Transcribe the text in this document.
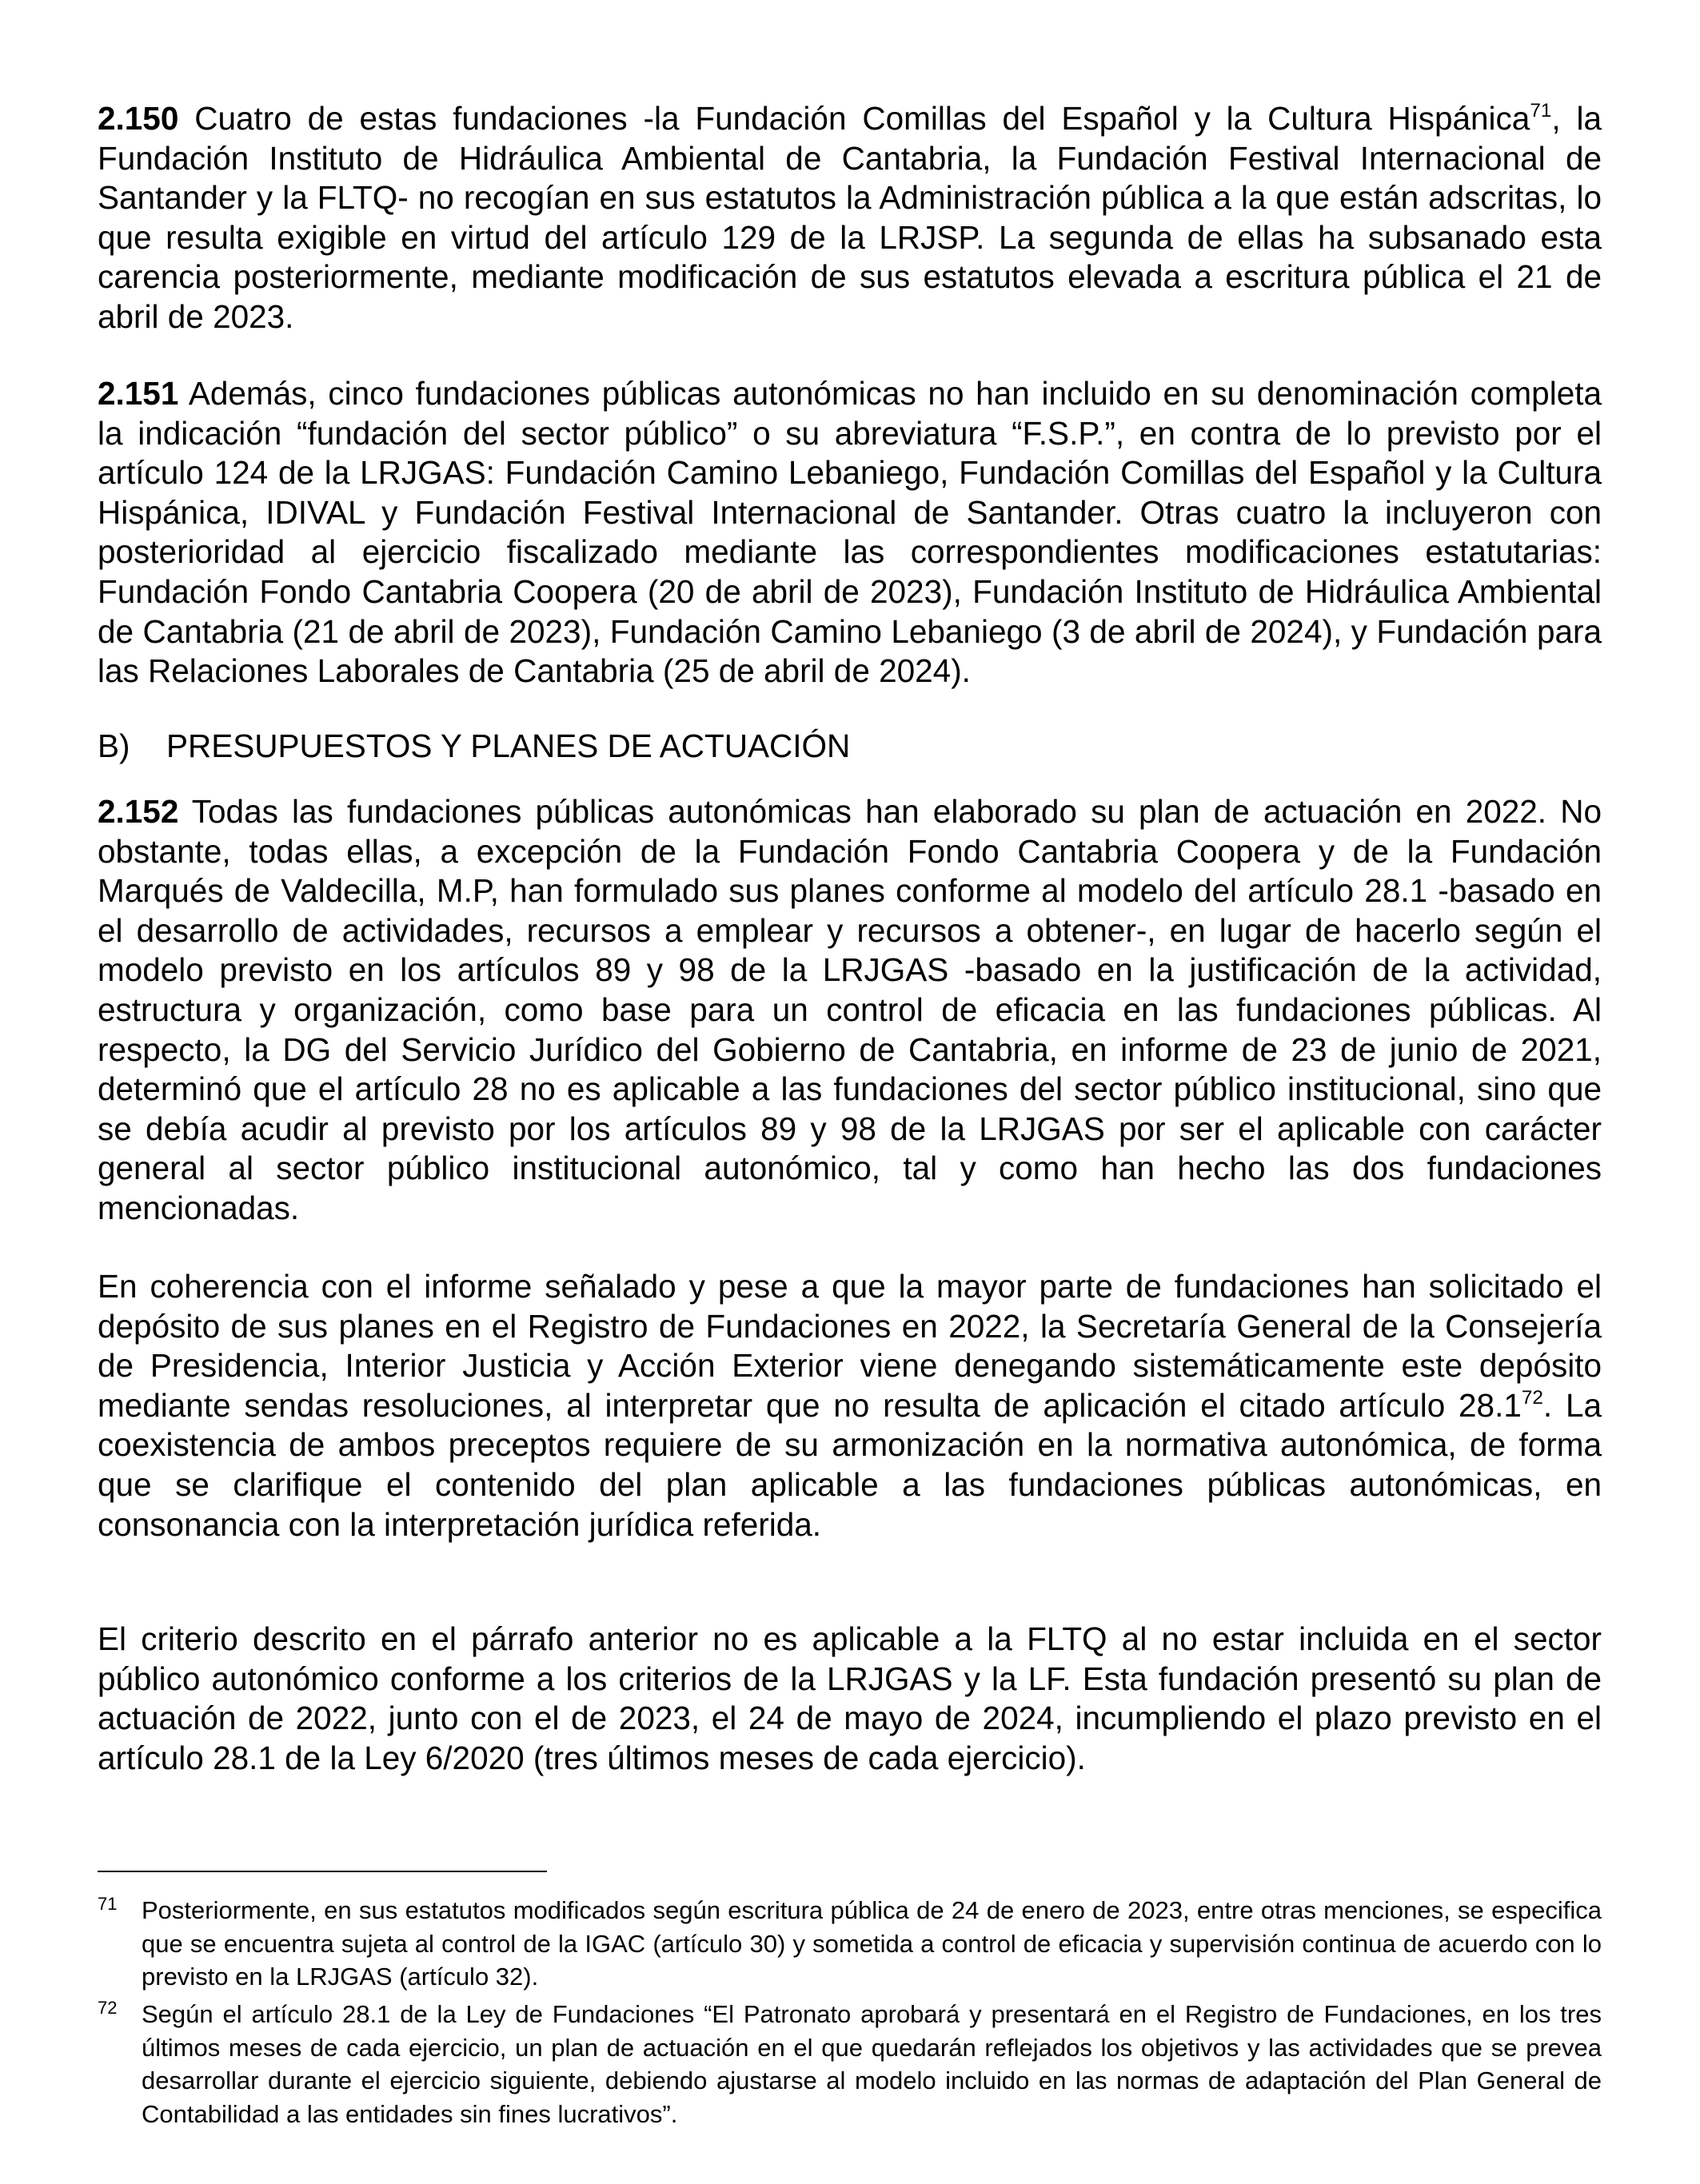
2.150 Cuatro de estas fundaciones -la Fundación Comillas del Español y la Cultura Hispánica$^{71}$, la Fundación Instituto de Hidráulica Ambiental de Cantabria, la Fundación Festival Internacional de Santander y la FLTQ- no recogían en sus estatutos la Administración pública a la que están adscritas, lo que resulta exigible en virtud del artículo 129 de la LRJSP. La segunda de ellas ha subsanado esta carencia posteriormente, mediante modificación de sus estatutos elevada a escritura pública el 21 de abril de 2023.

2.151 Además, cinco fundaciones públicas autonómicas no han incluido en su denominación completa la indicación “fundación del sector público” o su abreviatura “F.S.P.”, en contra de lo previsto por el artículo 124 de la LRJGAS: Fundación Camino Lebaniego, Fundación Comillas del Español y la Cultura Hispánica, IDIVAL y Fundación Festival Internacional de Santander. Otras cuatro la incluyeron con posterioridad al ejercicio fiscalizado mediante las correspondientes modificaciones estatutarias: Fundación Fondo Cantabria Coopera (20 de abril de 2023), Fundación Instituto de Hidráulica Ambiental de Cantabria (21 de abril de 2023), Fundación Camino Lebaniego (3 de abril de 2024), y Fundación para las Relaciones Laborales de Cantabria (25 de abril de 2024).

B) PRESUPUESTOS Y PLANES DE ACTUACIÓN

2.152 Todas las fundaciones públicas autonómicas han elaborado su plan de actuación en 2022. No obstante, todas ellas, a excepción de la Fundación Fondo Cantabria Coopera y de la Fundación Marqués de Valdecilla, M.P, han formulado sus planes conforme al modelo del artículo 28.1 -basado en el desarrollo de actividades, recursos a emplear y recursos a obtener-, en lugar de hacerlo según el modelo previsto en los artículos 89 y 98 de la LRJGAS -basado en la justificación de la actividad, estructura y organización, como base para un control de eficacia en las fundaciones públicas. Al respecto, la DG del Servicio Jurídico del Gobierno de Cantabria, en informe de 23 de junio de 2021, determinó que el artículo 28 no es aplicable a las fundaciones del sector público institucional, sino que se debía acudir al previsto por los artículos 89 y 98 de la LRJGAS por ser el aplicable con carácter general al sector público institucional autonómico, tal y como han hecho las dos fundaciones mencionadas.

En coherencia con el informe señalado y pese a que la mayor parte de fundaciones han solicitado el depósito de sus planes en el Registro de Fundaciones en 2022, la Secretaría General de la Consejería de Presidencia, Interior Justicia y Acción Exterior viene denegando sistemáticamente este depósito mediante sendas resoluciones, al interpretar que no resulta de aplicación el citado artículo 28.1$^{72}$. La coexistencia de ambos preceptos requiere de su armonización en la normativa autonómica, de forma que se clarifique el contenido del plan aplicable a las fundaciones públicas autonómicas, en consonancia con la interpretación jurídica referida.

El criterio descrito en el párrafo anterior no es aplicable a la FLTQ al no estar incluida en el sector público autonómico conforme a los criterios de la LRJGAS y la LF. Esta fundación presentó su plan de actuación de 2022, junto con el de 2023, el 24 de mayo de 2024, incumpliendo el plazo previsto en el artículo 28.1 de la Ley 6/2020 (tres últimos meses de cada ejercicio).

71 Posteriormente, en sus estatutos modificados según escritura pública de 24 de enero de 2023, entre otras menciones, se especifica que se encuentra sujeta al control de la IGAC (artículo 30) y sometida a control de eficacia y supervisión continua de acuerdo con lo previsto en la LRJGAS (artículo 32).
72 Según el artículo 28.1 de la Ley de Fundaciones “El Patronato aprobará y presentará en el Registro de Fundaciones, en los tres últimos meses de cada ejercicio, un plan de actuación en el que quedarán reflejados los objetivos y las actividades que se prevea desarrollar durante el ejercicio siguiente, debiendo ajustarse al modelo incluido en las normas de adaptación del Plan General de Contabilidad a las entidades sin fines lucrativos”.
